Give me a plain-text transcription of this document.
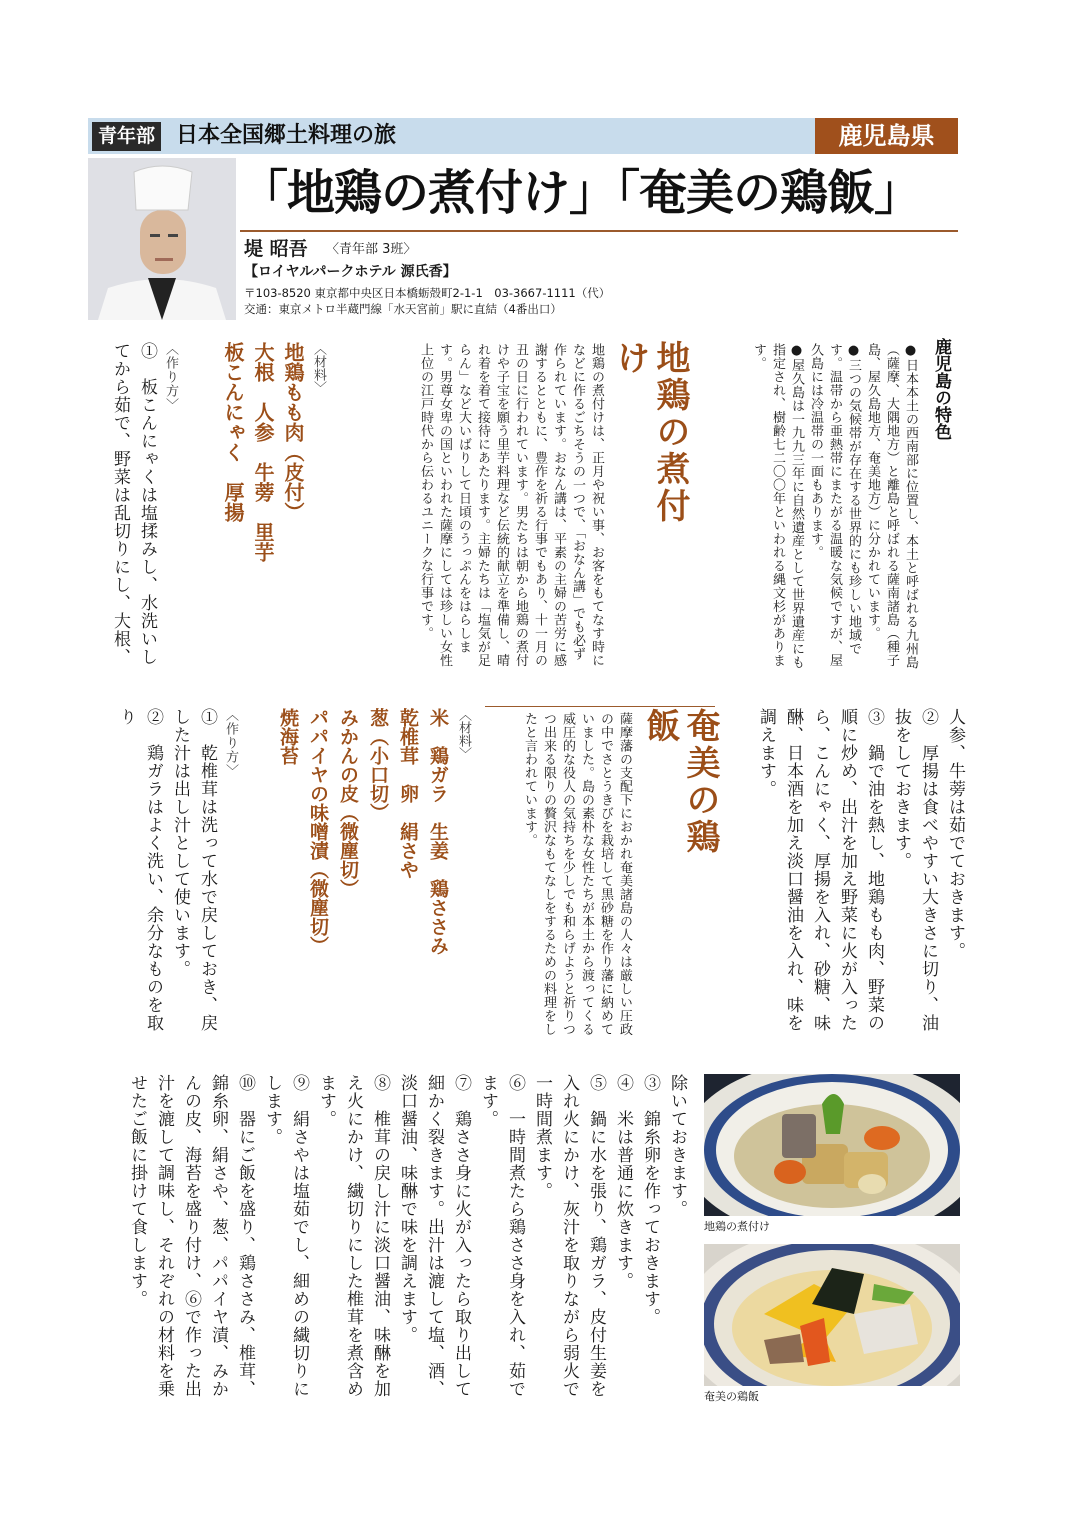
青年部 日本全国郷土料理の旅	鹿児島県
「地鶏の煮付け」「奄美の鶏飯」
堤 昭吾 〈青年部 3班〉
【ロイヤルパークホテル 源氏香】
〒103-8520 東京都中央区日本橋蛎殻町2-1-1　03-3667-1111（代）
交通：東京メトロ半蔵門線「水天宮前」駅に直結（4番出口）
鹿児島の特色
●日本本土の西南部に位置し、本土と呼ばれる九州島（薩摩、大隅地方）と離島と呼ばれる薩南諸島（種子島、屋久島地方、奄美地方）に分かれています。
●三つの気候帯が存在する世界的にも珍しい地域です。温帯から亜熱帯にまたがる温暖な気候ですが、屋久島には冷温帯の一面もあります。
●屋久島は一九九三年に自然遺産として世界遺産にも指定され、樹齢七二〇〇年といわれる縄文杉があります。
地鶏の煮付け
地鶏の煮付けは、正月や祝い事、お客をもてなす時になどに作るごちそうの一つで、「おなん講」でも必ず作られています。おなん講は、平素の主婦の苦労に感謝するとともに、豊作を祈る行事でもあり、十一月の丑の日に行われています。男たちは朝から地鶏の煮付けや子宝を願う里芋料理など伝統的献立を準備し、晴れ着を着て接待にあたります。主婦たちは「塩気が足らん」など大いばりして日頃のうっぷんをはらします。男尊女卑の国といわれた薩摩にしては珍しい女性上位の江戸時代から伝わるユニークな行事です。
〈材料〉
地鶏もも肉（皮付）
大根　人参　牛蒡　里芋
板こんにゃく　厚揚
〈作り方〉
①　板こんにゃくは塩揉みし、水洗いしてから茹で、野菜は乱切りにし、大根、
人参、牛蒡は茹でておきます。
②　厚揚は食べやすい大きさに切り、油抜をしておきます。
③　鍋で油を熱し、地鶏もも肉、野菜の順に炒め、出汁を加え野菜に火が入ったら、こんにゃく、厚揚を入れ、砂糖、味醂、日本酒を加え淡口醤油を入れ、味を調えます。
奄美の鶏飯
薩摩藩の支配下におかれ奄美諸島の人々は厳しい圧政の中でさとうきびを栽培して黒砂糖を作り藩に納めていました。島の素朴な女性たちが本土から渡ってくる威圧的な役人の気持ちを少しでも和らげようと祈りつつ出来る限りの贅沢なもてなしをするための料理をしたと言われています。
〈材料〉
米　鶏ガラ　生姜　鶏ささみ
乾椎茸　卵　絹さや
葱（小口切）
みかんの皮（微塵切）
パパイヤの味噌漬（微塵切）
焼海苔
〈作り方〉
①　乾椎茸は洗って水で戻しておき、戻した汁は出し汁として使います。
②　鶏ガラはよく洗い、余分なものを取り
除いておきます。
③　錦糸卵を作っておきます。
④　米は普通に炊きます。
⑤　鍋に水を張り、鶏ガラ、皮付生姜を入れ火にかけ、灰汁を取りながら弱火で一時間煮ます。
⑥　一時間煮たら鶏ささ身を入れ、茹でます。
⑦　鶏ささ身に火が入ったら取り出して細かく裂きます。出汁は漉して塩、酒、淡口醤油、味醂で味を調えます。
⑧　椎茸の戻し汁に淡口醤油、味醂を加え火にかけ、繊切りにした椎茸を煮含めます。
⑨　絹さやは塩茹でし、細めの繊切りにします。
⑩　器にご飯を盛り、鶏ささみ、椎茸、錦糸卵、絹さや、葱、パパイヤ漬、みかんの皮、海苔を盛り付け、⑥で作った出汁を漉して調味し、それぞれの材料を乗せたご飯に掛けて食します。	地鶏の煮付け
奄美の鶏飯
